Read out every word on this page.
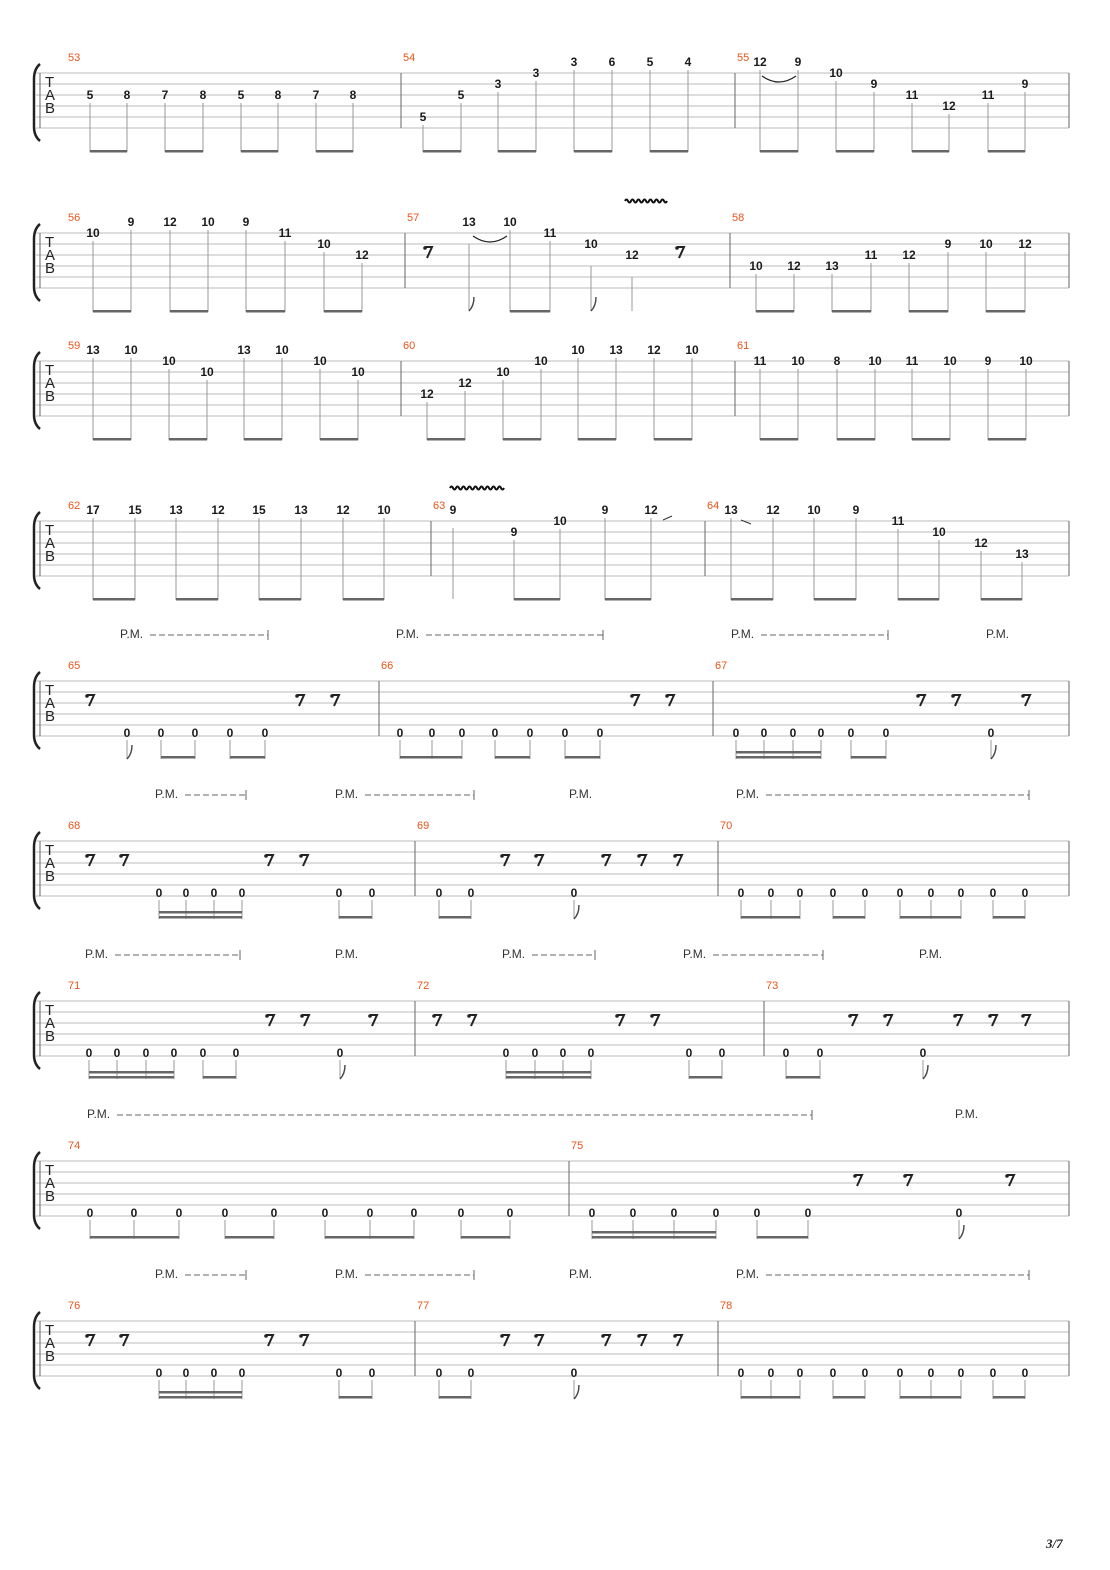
T
A
B
T
A
B
T
A
B
T
A
B
T
A
B
T
A
B
T
A
B
T
A
B
T
A
B
53
5	8	7	8	5	8	7	8
54
5
5
3
3
3	6	5	4	55 12 9
10
9
11
12
11
9
56
10
9 12 10 9
11
10
12
57	13 10
11
10
12
58
10 12 13
11 12
9 10 12
59 13 10
10
10
13 10
10
10
60
12
12
10
10
10 13 12 10	61
11 10 8 10 11 10 9 10
62 17 15 13 12 15 13 12 10	63 9
9
10
9	12	64 13 12 10	9
11
10
12
13
65
0 0 0 0 0
66
0 0 0 0 0 0 0
67
0 0 0 0 0 0	0
P.M.	P.M.	P.M.	P.M.
68
0 0 0 0	0 0
69
0 0	0
70
0 0 0 0 0 0 0 0 0 0
P.M.	P.M.	P.M.	P.M.
71
0 0 0 0 0 0	0
72
0 0 0 0	0 0
73
0 0	0
P.M.	P.M.	P.M.	P.M.	P.M.
74
0	0	0	0	0	0	0	0	0	0
75
0	0	0	0	0	0	0
P.M.	P.M.
76
0 0 0 0	0 0
77
0 0	0
78
0 0 0 0 0 0 0 0 0 0
P.M.	P.M.	P.M.	P.M.
3/7
